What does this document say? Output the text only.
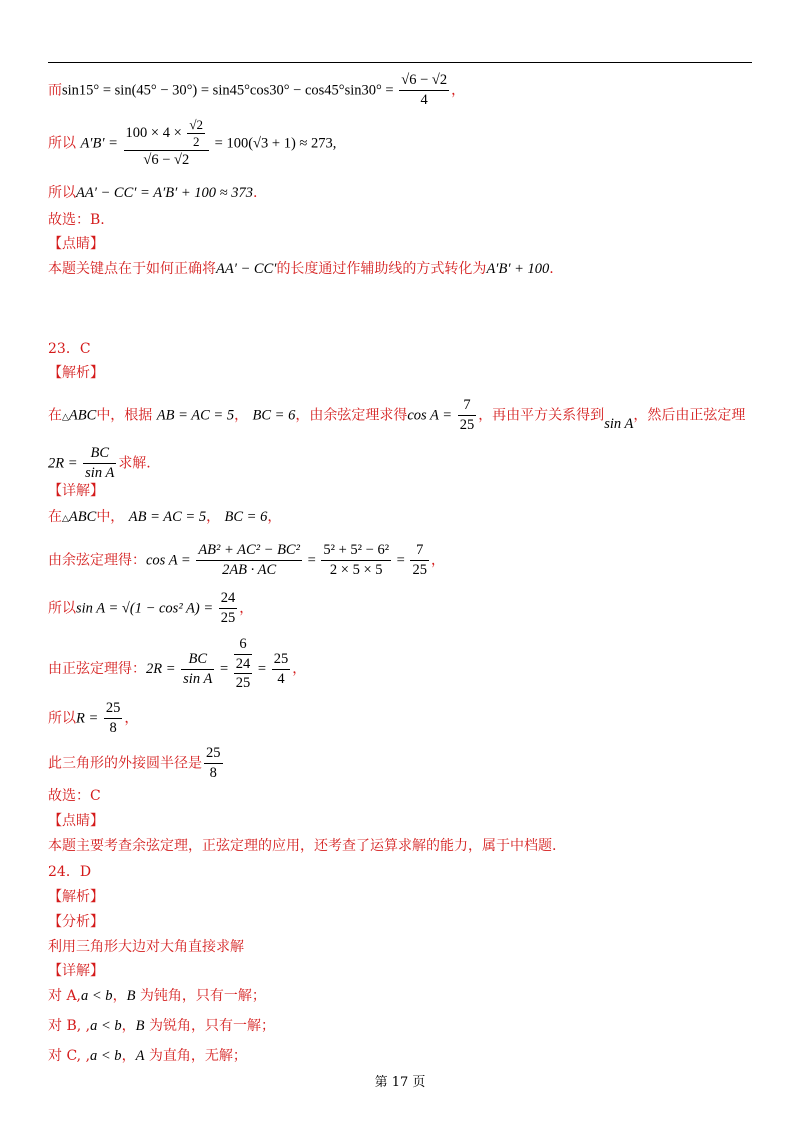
而$\sin 15^\circ = \sin(45^\circ - 30^\circ) = \sin 45^\circ\cos 30^\circ - \cos 45^\circ\sin 30^\circ = \frac{√6 - √2}{4}$ ，
所以 $A'B' = \frac{100 \times 4 \times \frac{√2}{2}}{√6 - √2} = 100(√3 + 1) \approx 273$,
所以AA′ − CC′ = A′B′ + 100 ≈ 373.
故选：B.
【点睛】
本题关键点在于如何正确将AA′ − CC′的长度通过作辅助线的方式转化为A′B′ + 100.
23．C
【解析】
在△ABC中，根据 AB = AC = 5， BC = 6，由余弦定理求得$\cos A = \frac{7}{25}$ ，再由平方关系得到sin A，然后由正弦定理
$2R = \frac{BC}{\text{sin A}}$ 求解.
【详解】
在△ABC中， AB = AC = 5， BC = 6，
由余弦定理得：$\cos A = \frac{\text{AB² + AC² − BC²}}{2AB \cdot AC} = \frac{\text{5² + 5² − 6²}}{2 \times 5 \times 5} = \frac{7}{25}$ ，
所以sin A = √(1 − cos² $A) = \frac{24}{25}$ ，
由正弦定理得：$2R = \frac{BC}{\text{sin A}}$ =
6
24
25
= $\frac{25}{4}$ ，
所以$R = \frac{25}{8}$ ，
此三角形的外接圆半径是 $\frac{25}{8}$
故选：C
【点睛】
本题主要考查余弦定理，正弦定理的应用，还考查了运算求解的能力，属于中档题.
24．D
【解析】
【分析】
利用三角形大边对大角直接求解
【详解】
对 A,a < b，B 为钝角，只有一解；
对 B, ,a < b，B 为锐角，只有一解；
对 C, ,a < b，A 为直角，无解；
第 17 页
